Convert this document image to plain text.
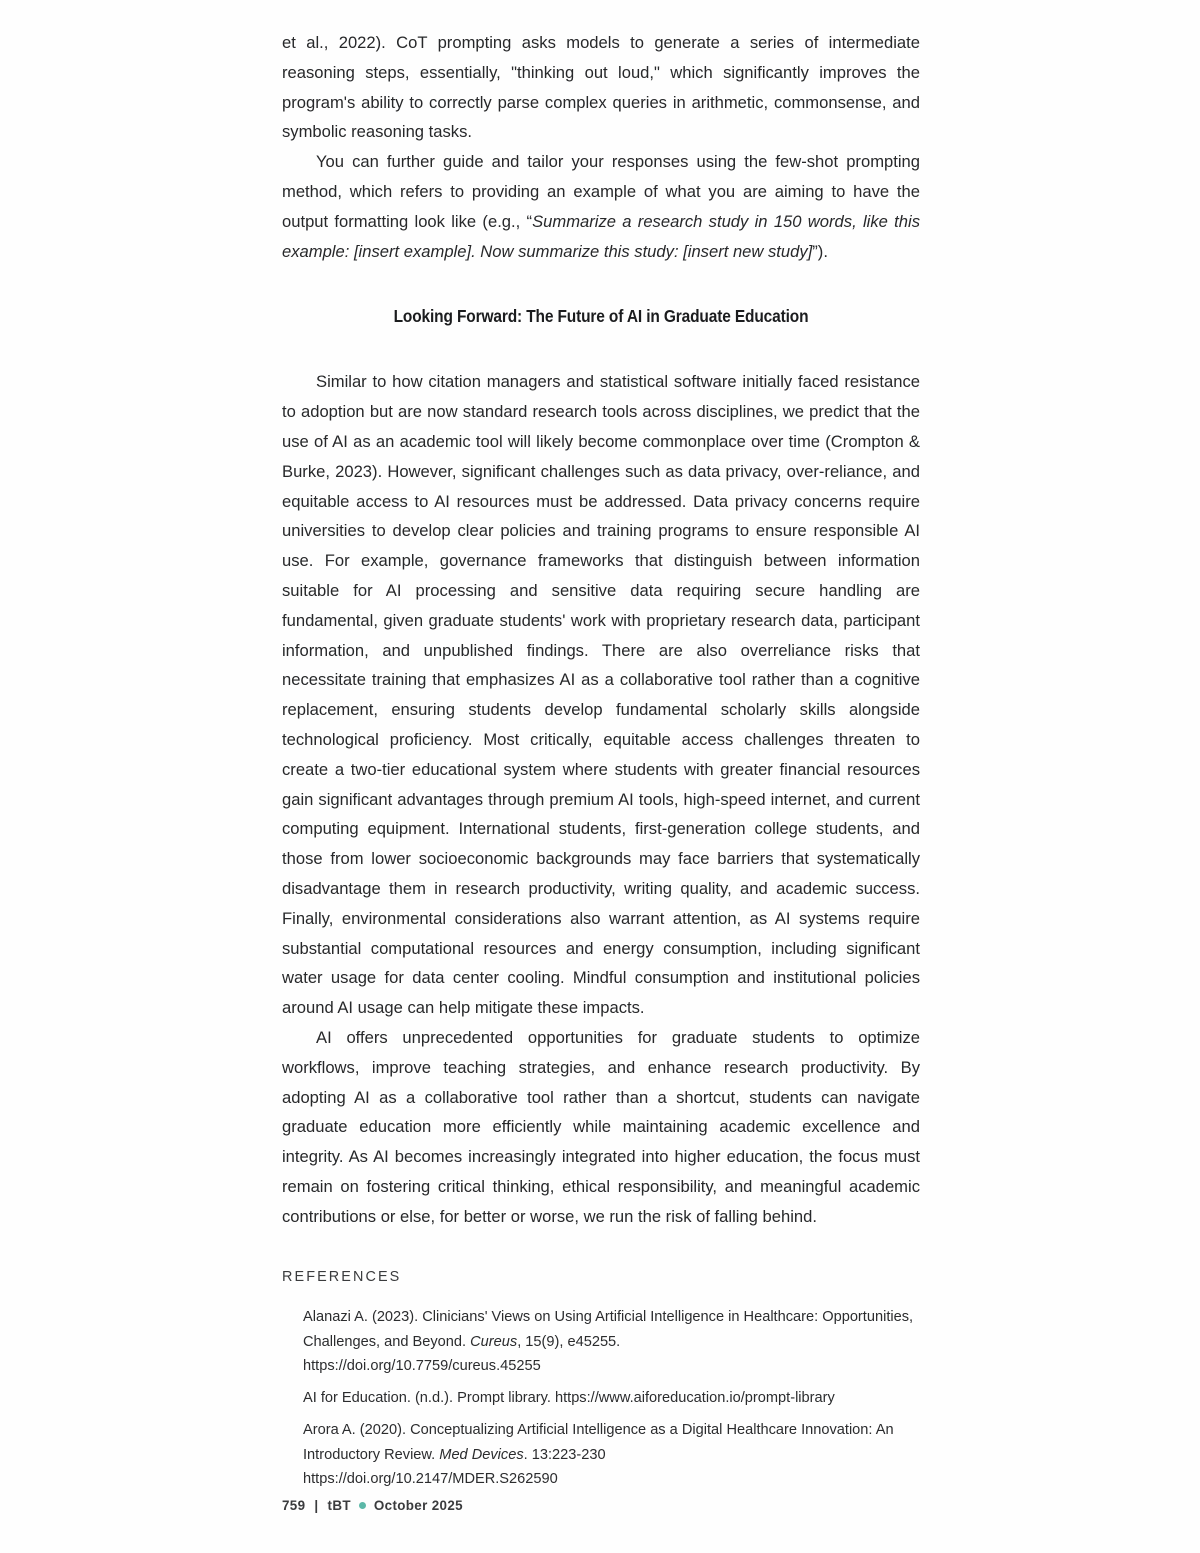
et al., 2022). CoT prompting asks models to generate a series of intermediate reasoning steps, essentially, "thinking out loud," which significantly improves the program's ability to correctly parse complex queries in arithmetic, commonsense, and symbolic reasoning tasks.

You can further guide and tailor your responses using the few-shot prompting method, which refers to providing an example of what you are aiming to have the output formatting look like (e.g., “Summarize a research study in 150 words, like this example: [insert example]. Now summarize this study: [insert new study]”).

Looking Forward: The Future of AI in Graduate Education

Similar to how citation managers and statistical software initially faced resistance to adoption but are now standard research tools across disciplines, we predict that the use of AI as an academic tool will likely become commonplace over time (Crompton & Burke, 2023). However, significant challenges such as data privacy, over-reliance, and equitable access to AI resources must be addressed. Data privacy concerns require universities to develop clear policies and training programs to ensure responsible AI use. For example, governance frameworks that distinguish between information suitable for AI processing and sensitive data requiring secure handling are fundamental, given graduate students' work with proprietary research data, participant information, and unpublished findings. There are also overreliance risks that necessitate training that emphasizes AI as a collaborative tool rather than a cognitive replacement, ensuring students develop fundamental scholarly skills alongside technological proficiency. Most critically, equitable access challenges threaten to create a two-tier educational system where students with greater financial resources gain significant advantages through premium AI tools, high-speed internet, and current computing equipment. International students, first-generation college students, and those from lower socioeconomic backgrounds may face barriers that systematically disadvantage them in research productivity, writing quality, and academic success. Finally, environmental considerations also warrant attention, as AI systems require substantial computational resources and energy consumption, including significant water usage for data center cooling. Mindful consumption and institutional policies around AI usage can help mitigate these impacts.

AI offers unprecedented opportunities for graduate students to optimize workflows, improve teaching strategies, and enhance research productivity. By adopting AI as a collaborative tool rather than a shortcut, students can navigate graduate education more efficiently while maintaining academic excellence and integrity. As AI becomes increasingly integrated into higher education, the focus must remain on fostering critical thinking, ethical responsibility, and meaningful academic contributions or else, for better or worse, we run the risk of falling behind.

REFERENCES

Alanazi A. (2023). Clinicians' Views on Using Artificial Intelligence in Healthcare: Opportunities, Challenges, and Beyond. Cureus, 15(9), e45255.
https://doi.org/10.7759/cureus.45255

AI for Education. (n.d.). Prompt library. https://www.aiforeducation.io/prompt-library

Arora A. (2020). Conceptualizing Artificial Intelligence as a Digital Healthcare Innovation: An Introductory Review. Med Devices. 13:223-230
https://doi.org/10.2147/MDER.S262590

759 | tBT October 2025
